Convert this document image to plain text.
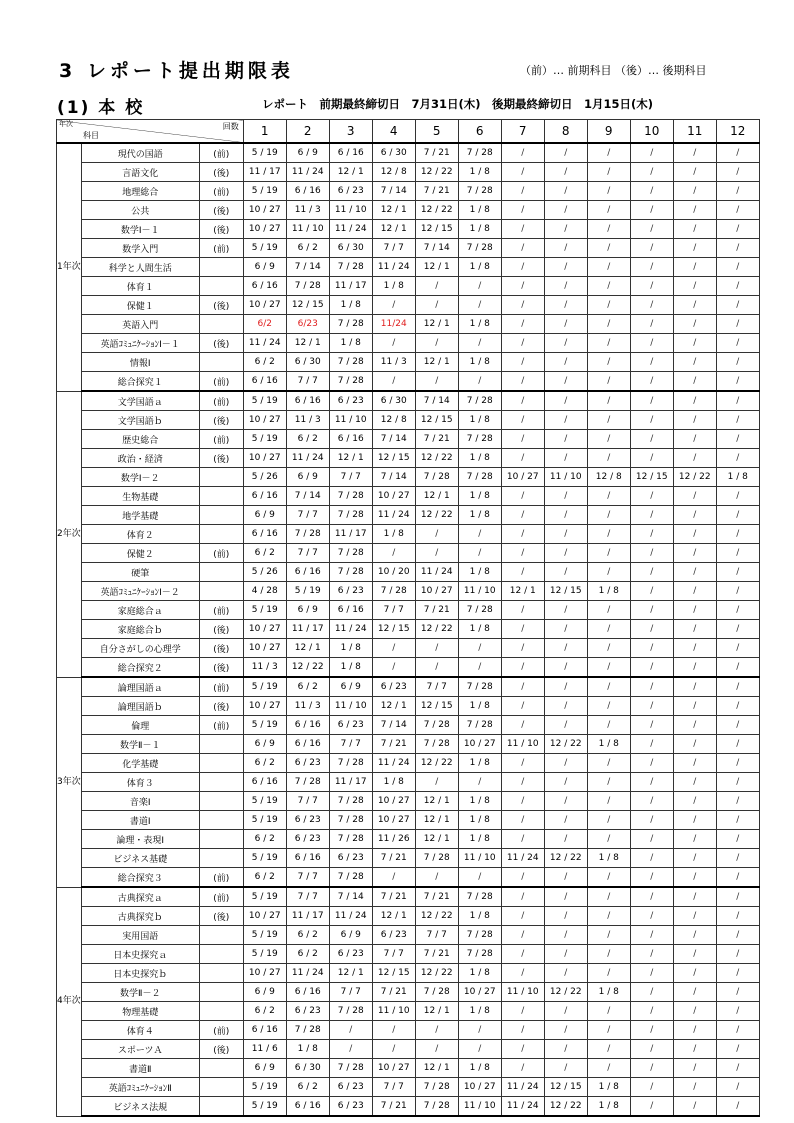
3 レポート提出期限表	（前）… 前期科目 （後）… 後期科目
(1) 本 校	レポート　前期最終締切日　7月31日(木)　後期最終締切日　1月15日(木)
年次
科目
回数			1	2	3	4	5	6	7	8	9	10	11	12
1年次	現代の国語	(前)	5 / 19	6 / 9	6 / 16	6 / 30	7 / 21	7 / 28	/	/	/	/	/	/
	言語文化	(後)	11 / 17	11 / 24	12 / 1	12 / 8	12 / 22	1 / 8	/	/	/	/	/	/
	地理総合	(前)	5 / 19	6 / 16	6 / 23	7 / 14	7 / 21	7 / 28	/	/	/	/	/	/
	公共	(後)	10 / 27	11 / 3	11 / 10	12 / 1	12 / 22	1 / 8	/	/	/	/	/	/
	数学Ⅰ－１	(後)	10 / 27	11 / 10	11 / 24	12 / 1	12 / 15	1 / 8	/	/	/	/	/	/
	数学入門	(前)	5 / 19	6 / 2	6 / 30	7 / 7	7 / 14	7 / 28	/	/	/	/	/	/
	科学と人間生活		6 / 9	7 / 14	7 / 28	11 / 24	12 / 1	1 / 8	/	/	/	/	/	/
	体育１		6 / 16	7 / 28	11 / 17	1 / 8	/	/	/	/	/	/	/	/
	保健１	(後)	10 / 27	12 / 15	1 / 8	/	/	/	/	/	/	/	/	/
	英語入門		6/2	6/23	7 / 28	11/24	12 / 1	1 / 8	/	/	/	/	/	/
	英語ｺﾐｭﾆｹｰｼｮﾝⅠ－１	(後)	11 / 24	12 / 1	1 / 8	/	/	/	/	/	/	/	/	/
	情報Ⅰ		6 / 2	6 / 30	7 / 28	11 / 3	12 / 1	1 / 8	/	/	/	/	/	/
	総合探究１	(前)	6 / 16	7 / 7	7 / 28	/	/	/	/	/	/	/	/	/
2年次	文学国語ａ	(前)	5 / 19	6 / 16	6 / 23	6 / 30	7 / 14	7 / 28	/	/	/	/	/	/
	文学国語ｂ	(後)	10 / 27	11 / 3	11 / 10	12 / 8	12 / 15	1 / 8	/	/	/	/	/	/
	歴史総合	(前)	5 / 19	6 / 2	6 / 16	7 / 14	7 / 21	7 / 28	/	/	/	/	/	/
	政治・経済	(後)	10 / 27	11 / 24	12 / 1	12 / 15	12 / 22	1 / 8	/	/	/	/	/	/
	数学Ⅰ－２		5 / 26	6 / 9	7 / 7	7 / 14	7 / 28	7 / 28	10 / 27	11 / 10	12 / 8	12 / 15	12 / 22	1 / 8
	生物基礎		6 / 16	7 / 14	7 / 28	10 / 27	12 / 1	1 / 8	/	/	/	/	/	/
	地学基礎		6 / 9	7 / 7	7 / 28	11 / 24	12 / 22	1 / 8	/	/	/	/	/	/
	体育２		6 / 16	7 / 28	11 / 17	1 / 8	/	/	/	/	/	/	/	/
	保健２	(前)	6 / 2	7 / 7	7 / 28	/	/	/	/	/	/	/	/	/
	硬筆		5 / 26	6 / 16	7 / 28	10 / 20	11 / 24	1 / 8	/	/	/	/	/	/
	英語ｺﾐｭﾆｹｰｼｮﾝⅠ－２		4 / 28	5 / 19	6 / 23	7 / 28	10 / 27	11 / 10	12 / 1	12 / 15	1 / 8	/	/	/
	家庭総合ａ	(前)	5 / 19	6 / 9	6 / 16	7 / 7	7 / 21	7 / 28	/	/	/	/	/	/
	家庭総合ｂ	(後)	10 / 27	11 / 17	11 / 24	12 / 15	12 / 22	1 / 8	/	/	/	/	/	/
	自分さがしの心理学	(後)	10 / 27	12 / 1	1 / 8	/	/	/	/	/	/	/	/	/
	総合探究２	(後)	11 / 3	12 / 22	1 / 8	/	/	/	/	/	/	/	/	/
3年次	論理国語ａ	(前)	5 / 19	6 / 2	6 / 9	6 / 23	7 / 7	7 / 28	/	/	/	/	/	/
	論理国語ｂ	(後)	10 / 27	11 / 3	11 / 10	12 / 1	12 / 15	1 / 8	/	/	/	/	/	/
	倫理	(前)	5 / 19	6 / 16	6 / 23	7 / 14	7 / 28	7 / 28	/	/	/	/	/	/
	数学Ⅱ－１		6 / 9	6 / 16	7 / 7	7 / 21	7 / 28	10 / 27	11 / 10	12 / 22	1 / 8	/	/	/
	化学基礎		6 / 2	6 / 23	7 / 28	11 / 24	12 / 22	1 / 8	/	/	/	/	/	/
	体育３		6 / 16	7 / 28	11 / 17	1 / 8	/	/	/	/	/	/	/	/
	音楽Ⅰ		5 / 19	7 / 7	7 / 28	10 / 27	12 / 1	1 / 8	/	/	/	/	/	/
	書道Ⅰ		5 / 19	6 / 23	7 / 28	10 / 27	12 / 1	1 / 8	/	/	/	/	/	/
	論理・表現Ⅰ		6 / 2	6 / 23	7 / 28	11 / 26	12 / 1	1 / 8	/	/	/	/	/	/
	ビジネス基礎		5 / 19	6 / 16	6 / 23	7 / 21	7 / 28	11 / 10	11 / 24	12 / 22	1 / 8	/	/	/
	総合探究３	(前)	6 / 2	7 / 7	7 / 28	/	/	/	/	/	/	/	/	/
4年次	古典探究ａ	(前)	5 / 19	7 / 7	7 / 14	7 / 21	7 / 21	7 / 28	/	/	/	/	/	/
	古典探究ｂ	(後)	10 / 27	11 / 17	11 / 24	12 / 1	12 / 22	1 / 8	/	/	/	/	/	/
	実用国語		5 / 19	6 / 2	6 / 9	6 / 23	7 / 7	7 / 28	/	/	/	/	/	/
	日本史探究ａ		5 / 19	6 / 2	6 / 23	7 / 7	7 / 21	7 / 28	/	/	/	/	/	/
	日本史探究ｂ		10 / 27	11 / 24	12 / 1	12 / 15	12 / 22	1 / 8	/	/	/	/	/	/
	数学Ⅱ－２		6 / 9	6 / 16	7 / 7	7 / 21	7 / 28	10 / 27	11 / 10	12 / 22	1 / 8	/	/	/
	物理基礎		6 / 2	6 / 23	7 / 28	11 / 10	12 / 1	1 / 8	/	/	/	/	/	/
	体育４	(前)	6 / 16	7 / 28	/	/	/	/	/	/	/	/	/	/
	スポーツＡ	(後)	11 / 6	1 / 8	/	/	/	/	/	/	/	/	/	/
	書道Ⅱ		6 / 9	6 / 30	7 / 28	10 / 27	12 / 1	1 / 8	/	/	/	/	/	/
	英語ｺﾐｭﾆｹｰｼｮﾝⅡ		5 / 19	6 / 2	6 / 23	7 / 7	7 / 28	10 / 27	11 / 24	12 / 15	1 / 8	/	/	/
	ビジネス法規		5 / 19	6 / 16	6 / 23	7 / 21	7 / 28	11 / 10	11 / 24	12 / 22	1 / 8	/	/	/
